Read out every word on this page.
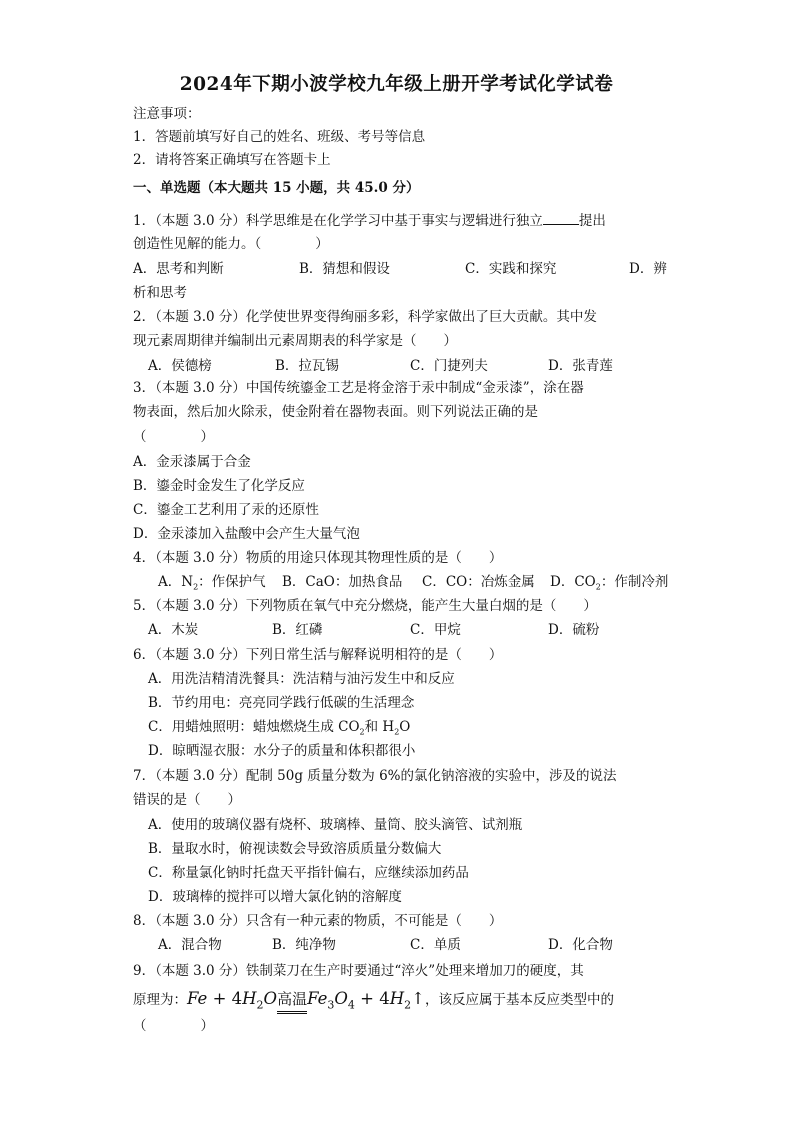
2024年下期小波学校九年级上册开学考试化学试卷
注意事项：
1．答题前填写好自己的姓名、班级、考号等信息
2．请将答案正确填写在答题卡上
一、单选题（本大题共 15 小题，共 45.0 分）
1．（本题 3.0 分）科学思维是在化学学习中基于事实与逻辑进行独立	提出
创造性见解的能力。（　　　　）
A．思考和判断	B．猜想和假设	C．实践和探究	D．辨
析和思考
2．（本题 3.0 分）化学使世界变得绚丽多彩，科学家做出了巨大贡献。其中发
现元素周期律并编制出元素周期表的科学家是（　　）
A．侯德榜	B．拉瓦锡	C．门捷列夫	D．张青莲
3．（本题 3.0 分）中国传统鎏金工艺是将金溶于汞中制成“金汞漆”，涂在器
物表面，然后加火除汞，使金附着在器物表面。则下列说法正确的是
（　　　　）
A．金汞漆属于合金
B．鎏金时金发生了化学反应
C．鎏金工艺利用了汞的还原性
D．金汞漆加入盐酸中会产生大量气泡
4．（本题 3.0 分）物质的用途只体现其物理性质的是（　　）
A．$N_2$：作保护气 B．CaO：加热食品 C．CO：冶炼金属 D．$CO_2$：作制冷剂
5．（本题 3.0 分）下列物质在氧气中充分燃烧，能产生大量白烟的是（　　）
A．木炭	B．红磷	C．甲烷	D．硫粉
6．（本题 3.0 分）下列日常生活与解释说明相符的是（　　）
A．用洗洁精清洗餐具：洗洁精与油污发生中和反应
B．节约用电：亮亮同学践行低碳的生活理念
C．用蜡烛照明：蜡烛燃烧生成 $CO_2$和 $H_2O$
D．晾晒湿衣服：水分子的质量和体积都很小
7．（本题 3.0 分）配制 50g 质量分数为 6%的氯化钠溶液的实验中，涉及的说法
错误的是（　　）
A．使用的玻璃仪器有烧杯、玻璃棒、量筒、胶头滴管、试剂瓶
B．量取水时，俯视读数会导致溶质质量分数偏大
C．称量氯化钠时托盘天平指针偏右，应继续添加药品
D．玻璃棒的搅拌可以增大氯化钠的溶解度
8．（本题 3.0 分）只含有一种元素的物质，不可能是（　　）
A．混合物	B．纯净物	C．单质	D．化合物
9．（本题 3.0 分）铁制菜刀在生产时要通过“淬火”处理来增加刀的硬度，其
原理为：$Fe + 4H_2O$高温$Fe_3O_4$ + $4H_2↑$，该反应属于基本反应类型中的
（　　　　）
